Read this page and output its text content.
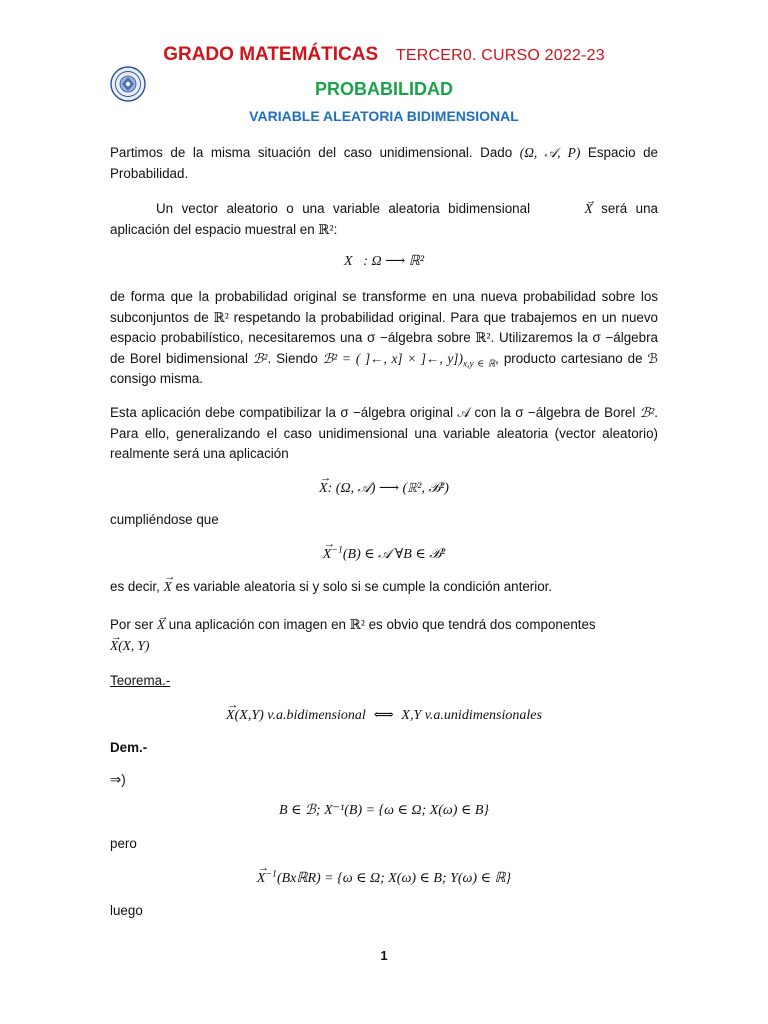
GRADO MATEMÁTICAS TERCER0. CURSO 2022-23
PROBABILIDAD
VARIABLE ALEATORIA BIDIMENSIONAL
Partimos de la misma situación del caso unidimensional. Dado (Ω, 𝒜, P) Espacio de Probabilidad.
Un vector aleatorio o una variable aleatoria bidimensional →	X será una aplicación del espacio muestral en ℝ²:
X⃗: Ω ⟶ ℝ²
de forma que la probabilidad original se transforme en una nueva probabilidad sobre los subconjuntos de ℝ² respetando la probabilidad original. Para que trabajemos en un nuevo espacio probabilístico, necesitaremos una σ −álgebra sobre ℝ². Utilizaremos la σ −álgebra de Borel bidimensional ℬ². Siendo ℬ² = ( ]←, x] × ]←, $y])_{x,y \in ℝ}$, producto cartesiano de ℬ consigo misma.
Esta aplicación debe compatibilizar la σ −álgebra original 𝒜 con la σ −álgebra de Borel ℬ². Para ello, generalizando el caso unidimensional una variable aleatoria (vector aleatorio) realmente será una aplicación
→ X: (Ω, 𝒜) ⟶ (ℝ², ℬ²)
cumpliéndose que
→ $X^{-1}(B)$ ∈ 𝒜 ∀B ∈ ℬ²
es decir, → X es variable aleatoria si y solo si se cumple la condición anterior.
Por ser → X una aplicación con imagen en ℝ² es obvio que tendrá dos componentes
→ X(X, Y)
Teorema.-
→ X(X,Y) v.a.bidimensional ⟺ X,Y v.a.unidimensionales
Dem.-
⇒)
B ∈ ℬ; X⁻¹(B) = {ω ∈ Ω; X(ω) ∈ B}
pero
→ $X^{-1}(BxℝR) = \{\omega$ ∈ Ω; X(ω) ∈ B; Y(ω) ∈ ℝ}
luego
1
